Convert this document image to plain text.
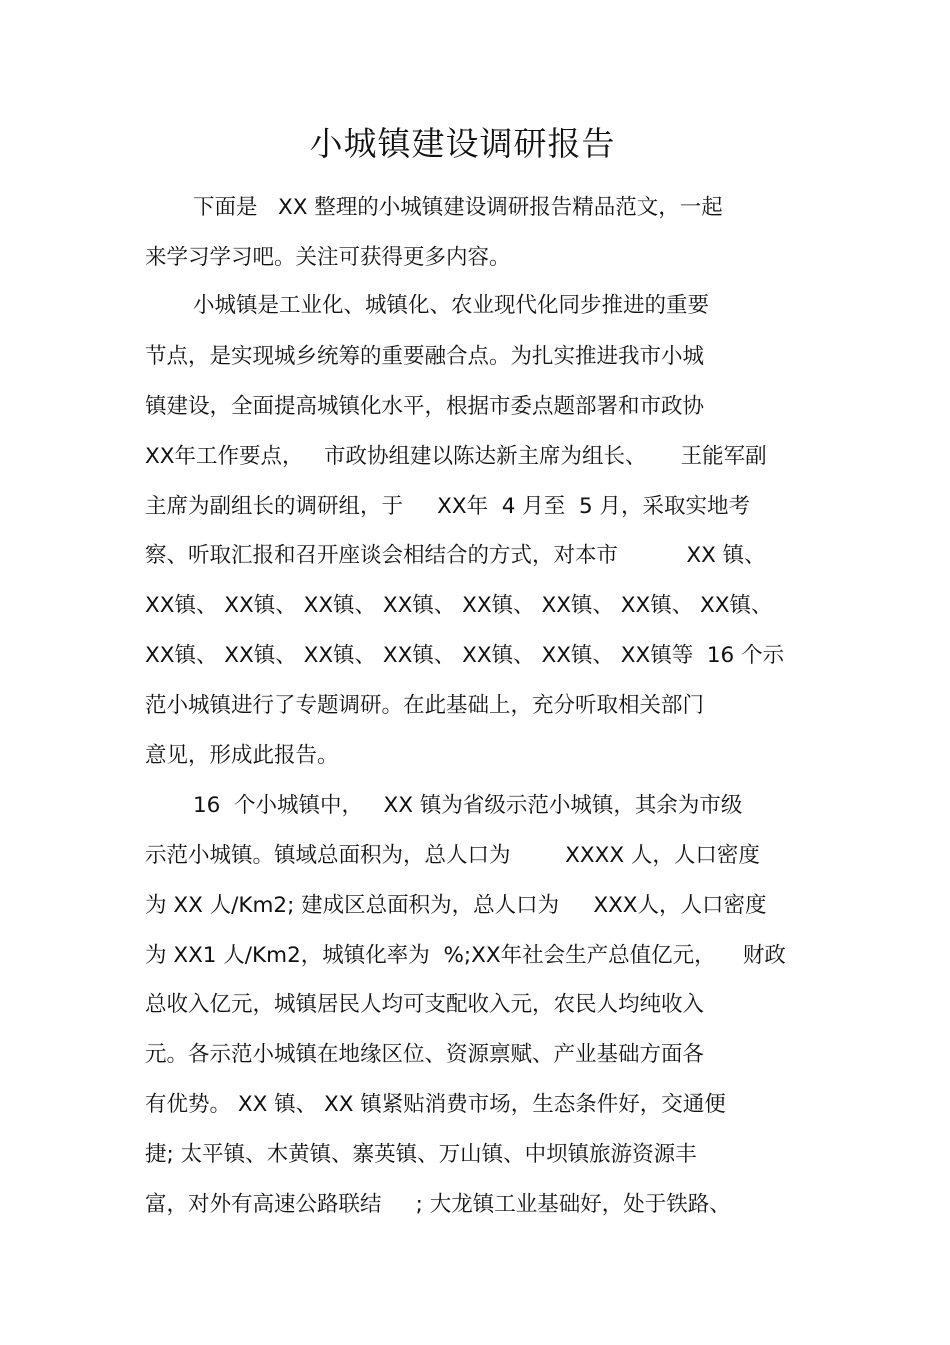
小城镇建设调研报告
下面是   XX 整理的小城镇建设调研报告精品范文，一起
来学习学习吧。关注可获得更多内容。
小城镇是工业化、城镇化、农业现代化同步推进的重要
节点，是实现城乡统筹的重要融合点。为扎实推进我市小城
镇建设，全面提高城镇化水平，根据市委点题部署和市政协
XX年工作要点，   市政协组建以陈达新主席为组长、     王能军副
主席为副组长的调研组，于     XX年  4 月至  5 月，采取实地考
察、听取汇报和召开座谈会相结合的方式，对本市          XX 镇、
XX镇、 XX镇、 XX镇、 XX镇、 XX镇、 XX镇、 XX镇、 XX镇、
XX镇、 XX镇、 XX镇、 XX镇、 XX镇、 XX镇、 XX镇等  16 个示
范小城镇进行了专题调研。在此基础上，充分听取相关部门
意见，形成此报告。
16  个小城镇中，   XX 镇为省级示范小城镇，其余为市级
示范小城镇。镇域总面积为，总人口为        XXXX 人，人口密度
为 XX 人/Km2; 建成区总面积为，总人口为     XXX人，人口密度
为 XX1 人/Km2，城镇化率为  %;XX年社会生产总值亿元，    财政
总收入亿元，城镇居民人均可支配收入元，农民人均纯收入
元。各示范小城镇在地缘区位、资源禀赋、产业基础方面各
有优势。 XX 镇、 XX 镇紧贴消费市场，生态条件好，交通便
捷; 太平镇、木黄镇、寨英镇、万山镇、中坝镇旅游资源丰
富，对外有高速公路联结     ; 大龙镇工业基础好，处于铁路、
